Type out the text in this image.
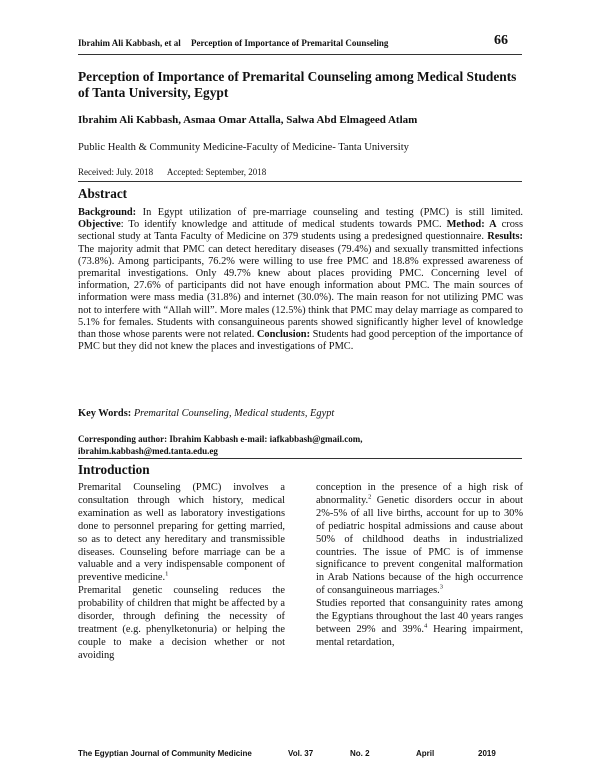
Ibrahim Ali Kabbash, et al Perception of Importance of Premarital Counseling	66
Perception of Importance of Premarital Counseling among Medical Students of Tanta University, Egypt
Ibrahim Ali Kabbash, Asmaa Omar Attalla, Salwa Abd Elmageed Atlam
Public Health & Community Medicine-Faculty of Medicine- Tanta University
Received: July. 2018 Accepted: September, 2018
Abstract

Background: In Egypt utilization of pre-marriage counseling and testing (PMC) is still limited. Objective: To identify knowledge and attitude of medical students towards PMC. Method: A cross sectional study at Tanta Faculty of Medicine on 379 students using a predesigned questionnaire. Results: The majority admit that PMC can detect hereditary diseases (79.4%) and sexually transmitted infections (73.8%). Among participants, 76.2% were willing to use free PMC and 18.8% expressed awareness of premarital investigations. Only 49.7% knew about places providing PMC. Concerning level of information, 27.6% of participants did not have enough information about PMC. The main sources of information were mass media (31.8%) and internet (30.0%). The main reason for not utilizing PMC was not to interfere with “Allah will”. More males (12.5%) think that PMC may delay marriage as compared to 5.1% for females. Students with consanguineous parents showed significantly higher level of knowledge than those whose parents were not related. Conclusion: Students had good perception of the importance of PMC but they did not knew the places and investigations of PMC.

Key Words: Premarital Counseling, Medical students, Egypt
Corresponding author: Ibrahim Kabbash e-mail: iafkabbash@gmail.com,
ibrahim.kabbash@med.tanta.edu.eg
Introduction

Premarital Counseling (PMC) involves a consultation through which history, medical examination as well as laboratory investigations done to personnel preparing for getting married, so as to detect any hereditary and transmissible diseases. Counseling before marriage can be a valuable and a very indispensable component of preventive medicine.$^1$

Premarital genetic counseling reduces the probability of children that might be affected by a disorder, through defining the necessity of treatment (e.g. phenylketonuria) or helping the couple to make a decision whether or not avoiding

conception in the presence of a high risk of abnormality.$^2$ Genetic disorders occur in about 2%-5% of all live births, account for up to 30% of pediatric hospital admissions and cause about 50% of childhood deaths in industrialized countries. The issue of PMC is of immense significance to prevent congenital malformation in Arab Nations because of the high occurrence of consanguineous marriages.$^3$

Studies reported that consanguinity rates among the Egyptians throughout the last 40 years ranges between 29% and 39%.$^4$ Hearing impairment, mental retardation,

The Egyptian Journal of Community Medicine	Vol. 37	No. 2	April	2019
